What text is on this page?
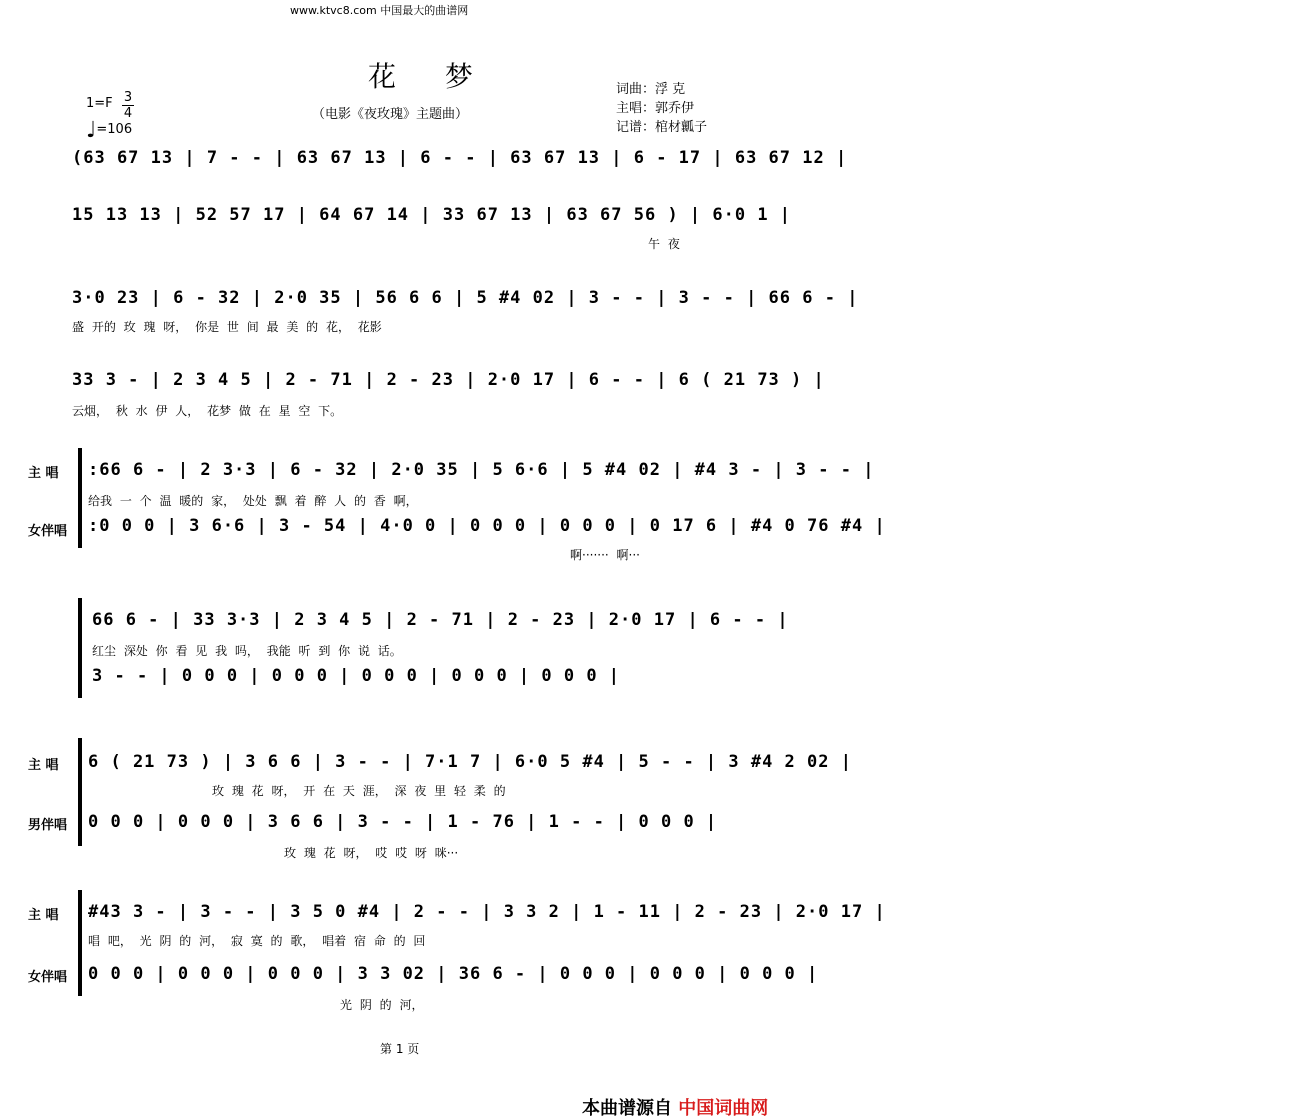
www.ktvc8.com 中国最大的曲谱网
花 梦
（电影《夜玫瑰》主题曲）
词曲：浮 克
主唱：郭乔伊
记谱：棺材瓤子
1=F 3
4
♩=106
(63 67 13 | 7 - - | 63 67 13 | 6 - - | 63 67 13 | 6 - 17 | 63 67 12 |
15 13 13 | 52 57 17 | 64 67 14 | 33 67 13 | 63 67 56 ) | 6·0 1 |
午 夜
3·0 23 | 6 - 32 | 2·0 35 | 56 6 6 | 5 #4 02 | 3 - - | 3 - - | 66 6 - |
盛 开的 玫 瑰 呀， 你是 世 间 最 美 的 花， 花影
33 3 - | 2 3 4 5 | 2 - 71 | 2 - 23 | 2·0 17 | 6 - - | 6 ( 21 73 ) |
云烟， 秋 水 伊 人， 花梦 做 在 星 空 下。
主 唱
女伴唱
:66 6 - | 2 3·3 | 6 - 32 | 2·0 35 | 5 6·6 | 5 #4 02 | #4 3 - | 3 - - |
给我 一 个 温 暖的 家， 处处 飘 着 醉 人 的 香 啊，
:0 0 0 | 3 6·6 | 3 - 54 | 4·0 0 | 0 0 0 | 0 0 0 | 0 17 6 | #4 0 76 #4 |
啊······· 啊···
66 6 - | 33 3·3 | 2 3 4 5 | 2 - 71 | 2 - 23 | 2·0 17 | 6 - - |
红尘 深处 你 看 见 我 吗， 我能 听 到 你 说 话。
3 - - | 0 0 0 | 0 0 0 | 0 0 0 | 0 0 0 | 0 0 0 |
主 唱
男伴唱
6 ( 21 73 ) | 3 6 6 | 3 - - | 7·1 7 | 6·0 5 #4 | 5 - - | 3 #4 2 02 |
玫 瑰 花 呀， 开 在 天 涯， 深 夜 里 轻 柔 的
0 0 0 | 0 0 0 | 3 6 6 | 3 - - | 1 - 76 | 1 - - | 0 0 0 |
玫 瑰 花 呀， 哎 哎 呀 咪···
主 唱
女伴唱
#43 3 - | 3 - - | 3 5 0 #4 | 2 - - | 3 3 2 | 1 - 11 | 2 - 23 | 2·0 17 |
唱 吧， 光 阴 的 河， 寂 寞 的 歌， 唱着 宿 命 的 回
0 0 0 | 0 0 0 | 0 0 0 | 3 3 02 | 36 6 - | 0 0 0 | 0 0 0 | 0 0 0 |
光 阴 的 河，
第 1 页
本曲谱源自 中国词曲网
